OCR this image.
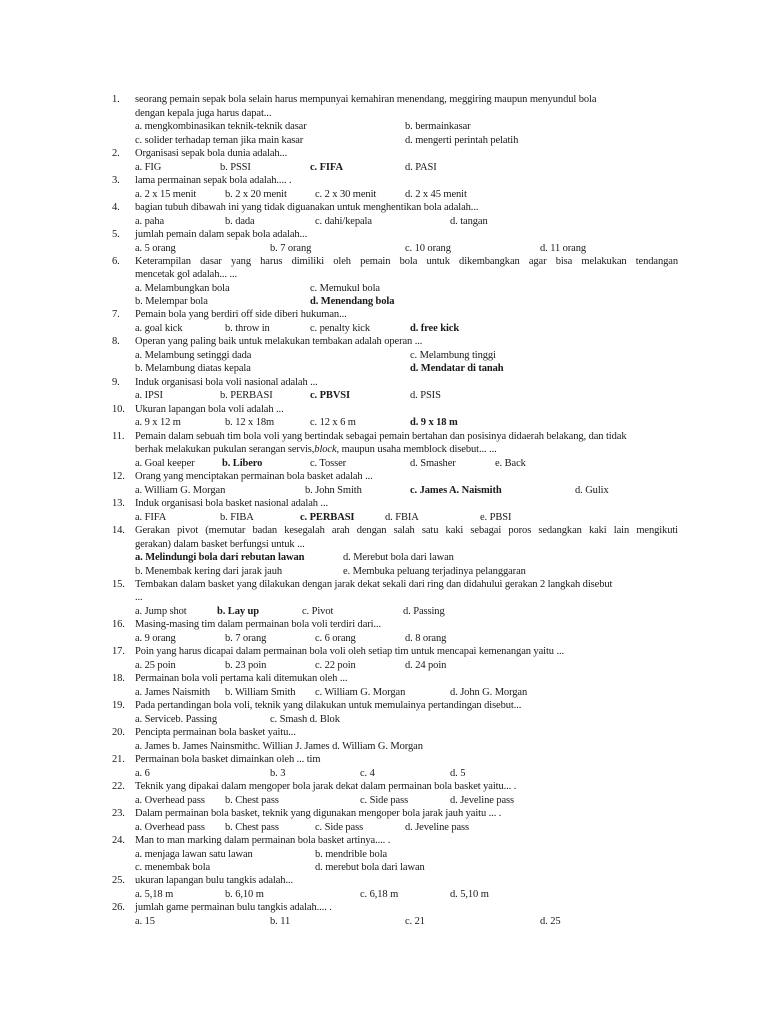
1. seorang pemain sepak bola selain harus mempunyai kemahiran menendang, meggiring maupun menyundul bola
dengan kepala juga harus dapat...
a. mengkombinasikan teknik-teknik dasar	b. bermainkasar
c. solider terhadap teman jika main kasar	d. mengerti perintah pelatih
2. Organisasi sepak bola dunia adalah...
a. FIG	b. PSSI	c. FIFA	d. PASI
3. lama permainan sepak bola adalah.... .
a. 2 x 15 menit	b. 2 x 20 menit	c. 2 x 30 menit	d. 2 x 45 menit
4. bagian tubuh dibawah ini yang tidak diguanakan untuk menghentikan bola adalah...
a. paha	b. dada	c. dahi/kepala	d. tangan
5. jumlah pemain dalam sepak bola adalah...
a. 5 orang	b. 7 orang	c. 10 orang	d. 11 orang
6. Keterampilan dasar yang harus dimiliki oleh pemain bola untuk dikembangkan agar bisa melakukan tendangan
mencetak gol adalah... ...
a. Melambungkan bola	c. Memukul bola
b. Melempar bola	d. Menendang bola
7. Pemain bola yang berdiri off side diberi hukuman...
a. goal kick	b. throw in	c. penalty kick	d. free kick
8. Operan yang paling baik untuk melakukan tembakan adalah operan ...
a. Melambung setinggi dada	c. Melambung tinggi
b. Melambung diatas kepala	d. Mendatar di tanah
9. Induk organisasi bola voli nasional adalah ...
a. IPSI	b. PERBASI	c. PBVSI	d. PSIS
10. Ukuran lapangan bola voli adalah ...
a. 9 x 12 m	b. 12 x 18m	c. 12 x 6 m	d. 9 x 18 m
11. Pemain dalam sebuah tim bola voli yang bertindak sebagai pemain bertahan dan posisinya didaerah belakang, dan tidak
berhak melakukan pukulan serangan servis,block, maupun usaha memblock disebut... ...
a. Goal keeper	b. Libero	c. Tosser	d. Smasher	e. Back
12. Orang yang menciptakan permainan bola basket adalah ...
a. William G. Morgan	b. John Smith	c. James A. Naismith	d. Gulix
13. Induk organisasi bola basket nasional adalah ...
a. FIFA	b. FIBA	c. PERBASI	d. FBIA	e. PBSI
14. Gerakan pivot (memutar badan kesegalah arah dengan salah satu kaki sebagai poros sedangkan kaki lain mengikuti
gerakan) dalam basket berfungsi untuk ...
a. Melindungi bola dari rebutan lawan	d. Merebut bola dari lawan
b. Menembak kering dari jarak jauh	e. Membuka peluang terjadinya pelanggaran
15. Tembakan dalam basket yang dilakukan dengan jarak dekat sekali dari ring dan didahului gerakan 2 langkah disebut
...
a. Jump shot	b. Lay up	c. Pivot	d. Passing
16. Masing-masing tim dalam permainan bola voli terdiri dari...
a. 9 orang	b. 7 orang	c. 6 orang	d. 8 orang
17. Poin yang harus dicapai dalam permainan bola voli oleh setiap tim untuk mencapai kemenangan yaitu ...
a. 25 poin	b. 23 poin	c. 22 poin	d. 24 poin
18. Permainan bola voli pertama kali ditemukan oleh ...
a. James Naismith b. William Smith c. William G. Morgan	d. John G. Morgan
19. Pada pertandingan bola voli, teknik yang dilakukan untuk memulainya pertandingan disebut...
a. Serviceb. Passing	c. Smash d. Blok
20. Pencipta permainan bola basket yaitu...
a. James b. James Nainsmithc. Willian J. James d. William G. Morgan
21. Permainan bola basket dimainkan oleh ... tim
a. 6	b. 3	c. 4	d. 5
22. Teknik yang dipakai dalam mengoper bola jarak dekat dalam permainan bola basket yaitu... .
a. Overhead pass b. Chest pass	c. Side pass	d. Jeveline pass
23. Dalam permainan bola basket, teknik yang digunakan mengoper bola jarak jauh yaitu ... .
a. Overhead pass b. Chest pass	c. Side pass	d. Jeveline pass
24. Man to man marking dalam permainan bola basket artinya.... .
a. menjaga lawan satu lawan	b. mendrible bola
c. menembak bola	d. merebut bola dari lawan
25. ukuran lapangan bulu tangkis adalah...
a. 5,18 m	b. 6,10 m	c. 6,18 m	d. 5,10 m
26. jumlah game permainan bulu tangkis adalah.... .
a. 15	b. 11	c. 21	d. 25
